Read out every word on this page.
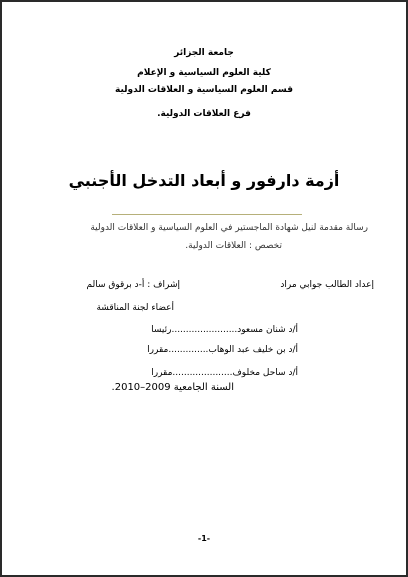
جامعة الجزائر
كلية العلوم السياسية و الإعلام
قسم العلوم السياسية و العلاقات الدولية
فرع العلاقات الدولية.
أزمة دارفور و أبعاد التدخل الأجنبي
رسالة مقدمة لنيل شهادة الماجستير في العلوم السياسية و العلاقات الدولية
تخصص : العلاقات الدولية.
إعداد الطالب جوابي مراد
إشراف : أ-د برقوق سالم
أعضاء لجنة المناقشة
أ/د شنان مسعود.......................رئيسا
أ/د بن خليف عبد الوهاب..............مقررا
أ/د ساحل مخلوف.....................مقررا
السنة الجامعية 2009–2010.
-1-
